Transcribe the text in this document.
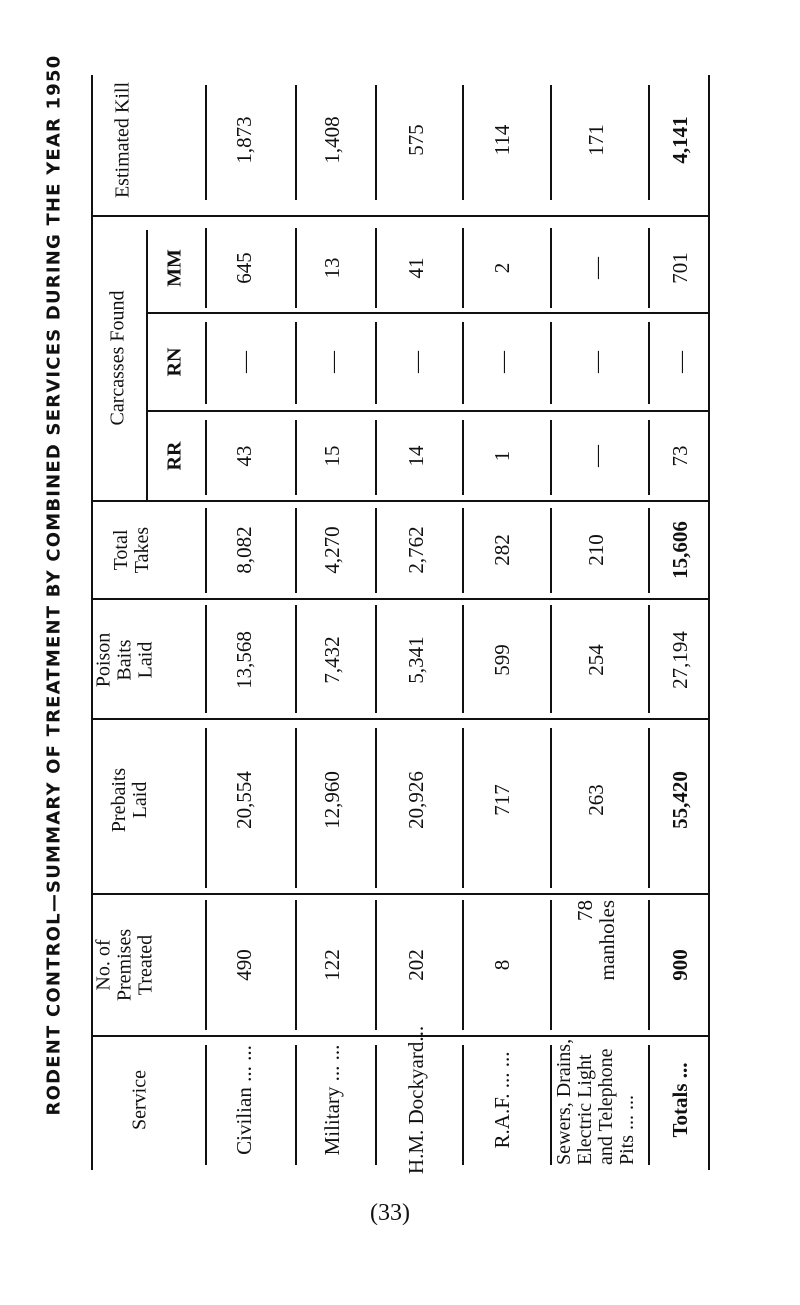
RODENT CONTROL—SUMMARY OF TREATMENT BY COMBINED SERVICES DURING THE YEAR 1950 Estimated Kill
Carcasses Found
MM
RN
RR
Total Takes
Poison Baits Laid
Prebaits Laid
No. of Premises Treated
Service
1,873
645
—
43
8,082
13,568
20,554
490
Civilian ... ...
1,408
13
—
15
4,270
7,432
12,960
122
Military ... ...
575
41
—
14
2,762
5,341
20,926
202
H.M. Dockyard...
114
2
—
1
282
599
717
8
R.A.F. ... ...
171
—
—
—
210
254
263
78
manholes
Sewers, Drains,
Electric Light
and Telephone
Pits ... ...
4,141
701
—
73
15,606
27,194
55,420
900
Totals ...
(33)
